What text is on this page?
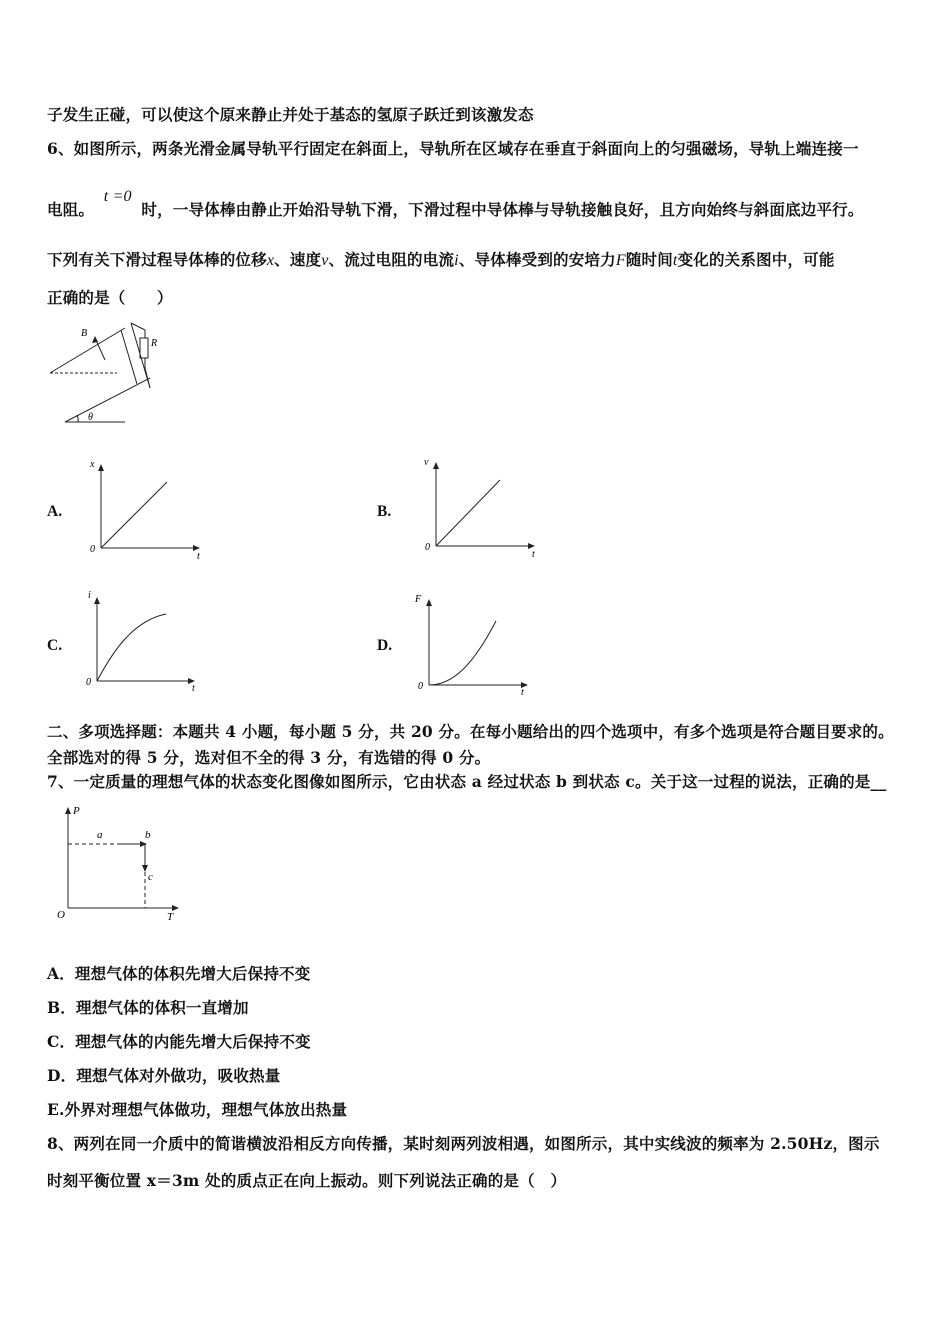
子发生正碰，可以使这个原来静止并处于基态的氢原子跃迁到该激发态
6、如图所示，两条光滑金属导轨平行固定在斜面上，导轨所在区域存在垂直于斜面向上的匀强磁场，导轨上端连接一
电阻。 t =0 时，一导体棒由静止开始沿导轨下滑，下滑过程中导体棒与导轨接触良好，且方向始终与斜面底边平行。
下列有关下滑过程导体棒的位移x、速度v、流过电阻的电流i、导体棒受到的安培力F随时间t变化的关系图中，可能
正确的是（　　）
B
R
θ
A.
x
t
0
B.
v
t
0
C.
i
t
0
D.
F
t
0
二、多项选择题：本题共 4 小题，每小题 5 分，共 20 分。在每小题给出的四个选项中，有多个选项是符合题目要求的。
全部选对的得 5 分，选对但不全的得 3 分，有选错的得 0 分。
7、一定质量的理想气体的状态变化图像如图所示，它由状态 a 经过状态 b 到状态 c。关于这一过程的说法，正确的是__
P
T
O
a	b
c
A．理想气体的体积先增大后保持不变
B．理想气体的体积一直增加
C．理想气体的内能先增大后保持不变
D．理想气体对外做功，吸收热量
E.外界对理想气体做功，理想气体放出热量
8、两列在同一介质中的简谐横波沿相反方向传播，某时刻两列波相遇，如图所示，其中实线波的频率为 2.50Hz，图示
时刻平衡位置 x＝3m 处的质点正在向上振动。则下列说法正确的是（　）
